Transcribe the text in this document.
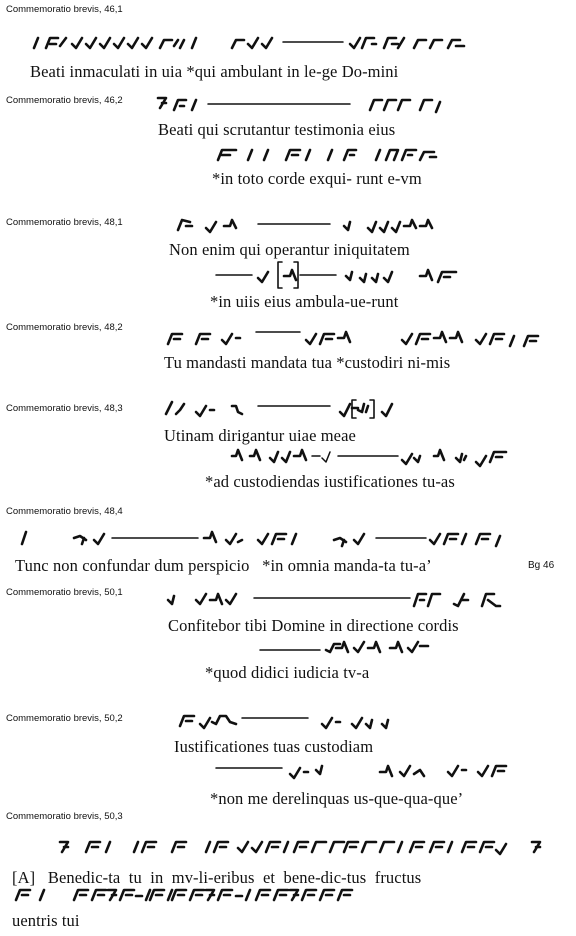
Commemoratio brevis, 46,1
Commemoratio brevis, 46,2
Commemoratio brevis, 48,1
Commemoratio brevis, 48,2
Commemoratio brevis, 48,3
Commemoratio brevis, 48,4
Commemoratio brevis, 50,1
Commemoratio brevis, 50,2
Commemoratio brevis, 50,3
Beati inmaculati in uia *qui ambulant in le-ge Do-mini
Beati qui scrutantur testimonia eius
*in toto corde exqui- runt e-vm
Non enim qui operantur iniquitatem
*in uiis eius ambula-ue-runt
Tu mandasti mandata tua *custodiri ni-mis
Utinam dirigantur uiae meae
*ad custodiendas iustificationes tu-as
Tunc non confundar dum perspicio   *in omnia manda-ta tu-a’	Bg 46
Confitebor tibi Domine in directione cordis
*quod didici iudicia tv-a
Iustificationes tuas custodiam
*non me derelinquas us-que-qua-que’
[A]   Benedic-ta  tu  in  mv-li-eribus  et  bene-dic-tus  fructus
uentris tui
